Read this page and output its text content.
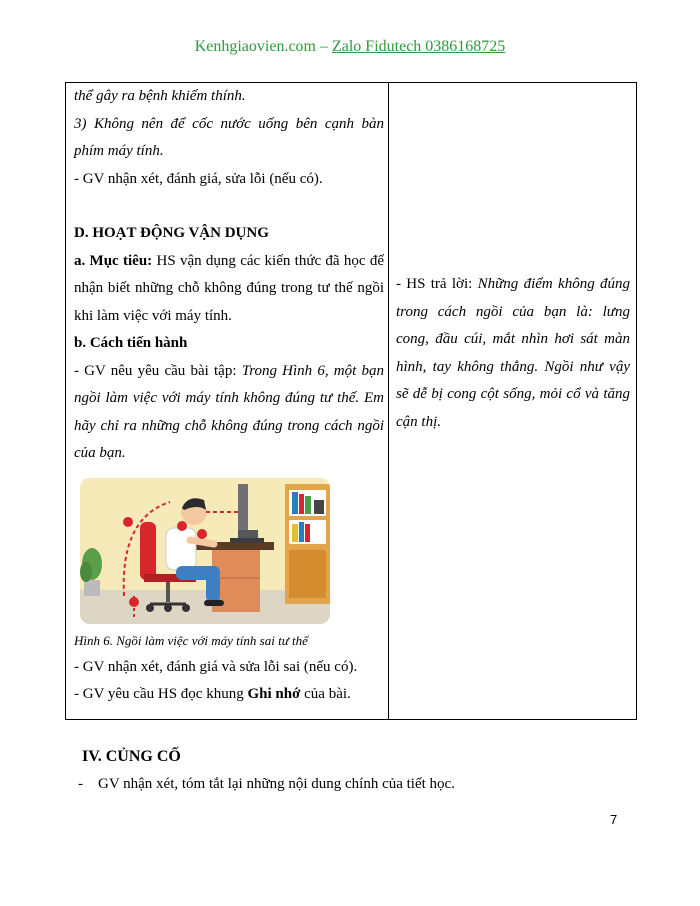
Kenhgiaovien.com – Zalo Fidutech 0386168725

thể gây ra bệnh khiếm thính.

3) Không nên để cốc nước uống bên cạnh bàn phím máy tính.

- GV nhận xét, đánh giá, sửa lỗi (nếu có).

D. HOẠT ĐỘNG VẬN DỤNG

a. Mục tiêu: HS vận dụng các kiến thức đã học để nhận biết những chỗ không đúng trong tư thế ngồi khi làm việc với máy tính.

b. Cách tiến hành

- GV nêu yêu cầu bài tập: Trong Hình 6, một bạn ngồi làm việc với máy tính không đúng tư thế. Em hãy chỉ ra những chỗ không đúng trong cách ngồi của bạn.

Hình 6. Ngồi làm việc với máy tính sai tư thế

- GV nhận xét, đánh giá và sửa lỗi sai (nếu có).

- GV yêu cầu HS đọc khung Ghi nhớ của bài.

- HS trả lời: Những điểm không đúng trong cách ngồi của bạn là: lưng cong, đầu cúi, mắt nhìn hơi sát màn hình, tay không thẳng. Ngồi như vậy sẽ dễ bị cong cột sống, mỏi cổ và tăng cận thị.

IV. CỦNG CỐ
- GV nhận xét, tóm tắt lại những nội dung chính của tiết học.
7
